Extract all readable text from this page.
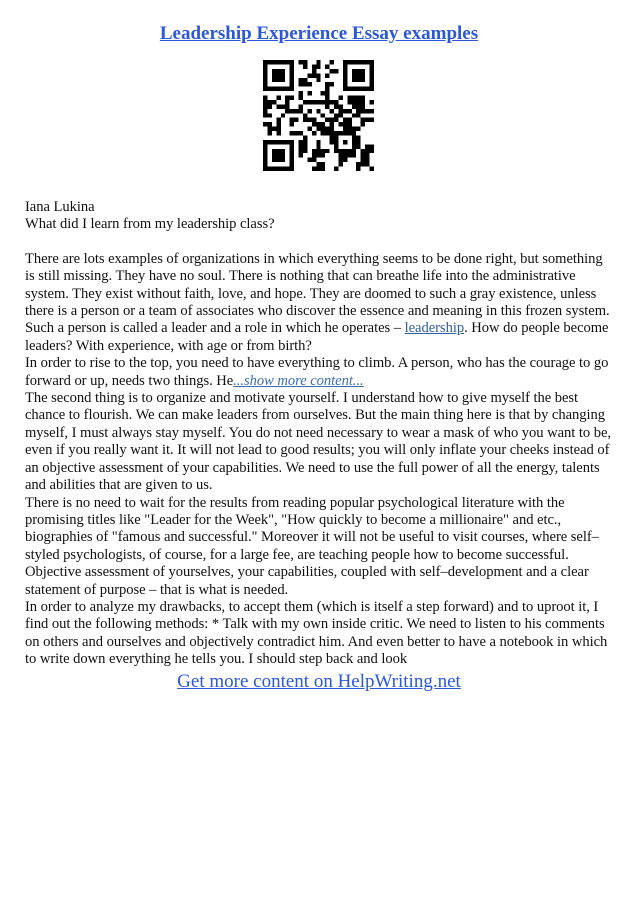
Leadership Experience Essay examples

Iana Lukina

What did I learn from my leadership class?

There are lots examples of organizations in which everything seems to be done right, but something is still missing. They have no soul. There is nothing that can breathe life into the administrative system. They exist without faith, love, and hope. They are doomed to such a gray existence, unless there is a person or a team of associates who discover the essence and meaning in this frozen system. Such a person is called a leader and a role in which he operates – leadership. How do people become leaders? With experience, with age or from birth?

In order to rise to the top, you need to have everything to climb. A person, who has the courage to go forward or up, needs two things. He...show more content...

The second thing is to organize and motivate yourself. I understand how to give myself the best chance to flourish. We can make leaders from ourselves. But the main thing here is that by changing myself, I must always stay myself. You do not need necessary to wear a mask of who you want to be, even if you really want it. It will not lead to good results; you will only inflate your cheeks instead of an objective assessment of your capabilities. We need to use the full power of all the energy, talents and abilities that are given to us.

There is no need to wait for the results from reading popular psychological literature with the promising titles like "Leader for the Week", "How quickly to become a millionaire" and etc., biographies of "famous and successful." Moreover it will not be useful to visit courses, where self–styled psychologists, of course, for a large fee, are teaching people how to become successful. Objective assessment of yourselves, your capabilities, coupled with self–development and a clear statement of purpose – that is what is needed.

In order to analyze my drawbacks, to accept them (which is itself a step forward) and to uproot it, I find out the following methods: * Talk with my own inside critic. We need to listen to his comments on others and ourselves and objectively contradict him. And even better to have a notebook in which to write down everything he tells you. I should step back and look

Get more content on HelpWriting.net
